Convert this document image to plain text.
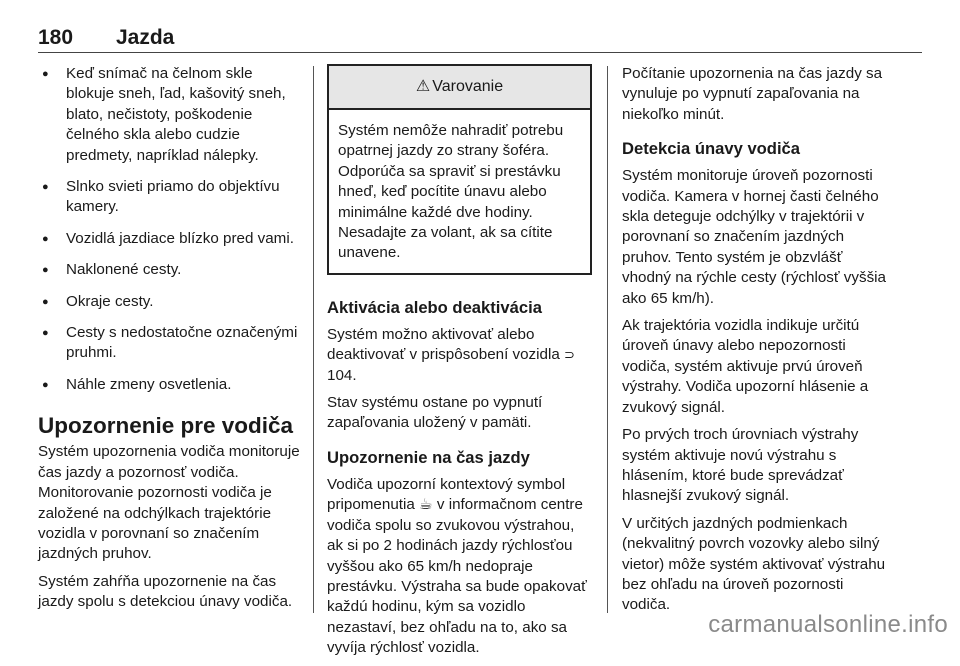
180 Jazda
● Keď snímač na čelnom skle blokuje sneh, ľad, kašovitý sneh, blato, nečistoty, poškodenie čelného skla alebo cudzie predmety, napríklad nálepky.
● Slnko svieti priamo do objektívu kamery.
● Vozidlá jazdiace blízko pred vami.
● Naklonené cesty.
● Okraje cesty.
● Cesty s nedostatočne označenými pruhmi.
● Náhle zmeny osvetlenia.
Upozornenie pre vodiča
Systém upozornenia vodiča monitoruje čas jazdy a pozornosť vodiča. Monitorovanie pozornosti vodiča je založené na odchýlkach trajektórie vozidla v porovnaní so značením jazdných pruhov.
Systém zahŕňa upozornenie na čas jazdy spolu s detekciou únavy vodiča.
⚠ Varovanie
Systém nemôže nahradiť potrebu opatrnej jazdy zo strany šoféra. Odporúča sa spraviť si prestávku hneď, keď pocítite únavu alebo minimálne každé dve hodiny. Nesadajte za volant, ak sa cítite unavene.
Aktivácia alebo deaktivácia
Systém možno aktivovať alebo deaktivovať v prispôsobení vozidla ⊃ 104.
Stav systému ostane po vypnutí zapaľovania uložený v pamäti.
Upozornenie na čas jazdy
Vodiča upozorní kontextový symbol pripomenutia ☕ v informačnom centre vodiča spolu so zvukovou výstrahou, ak si po 2 hodinách jazdy rýchlosťou vyššou ako 65 km/h nedopraje prestávku. Výstraha sa bude opakovať každú hodinu, kým sa vozidlo nezastaví, bez ohľadu na to, ako sa vyvíja rýchlosť vozidla.
Počítanie upozornenia na čas jazdy sa vynuluje po vypnutí zapaľovania na niekoľko minút.
Detekcia únavy vodiča
Systém monitoruje úroveň pozornosti vodiča. Kamera v hornej časti čelného skla deteguje odchýlky v trajektórii v porovnaní so značením jazdných pruhov. Tento systém je obzvlášť vhodný na rýchle cesty (rýchlosť vyššia ako 65 km/h).
Ak trajektória vozidla indikuje určitú úroveň únavy alebo nepozornosti vodiča, systém aktivuje prvú úroveň výstrahy. Vodiča upozorní hlásenie a zvukový signál.
Po prvých troch úrovniach výstrahy systém aktivuje novú výstrahu s hlásením, ktoré bude sprevádzať hlasnejší zvukový signál.
V určitých jazdných podmienkach (nekvalitný povrch vozovky alebo silný vietor) môže systém aktivovať výstrahu bez ohľadu na úroveň pozornosti vodiča.
carmanualsonline.info
